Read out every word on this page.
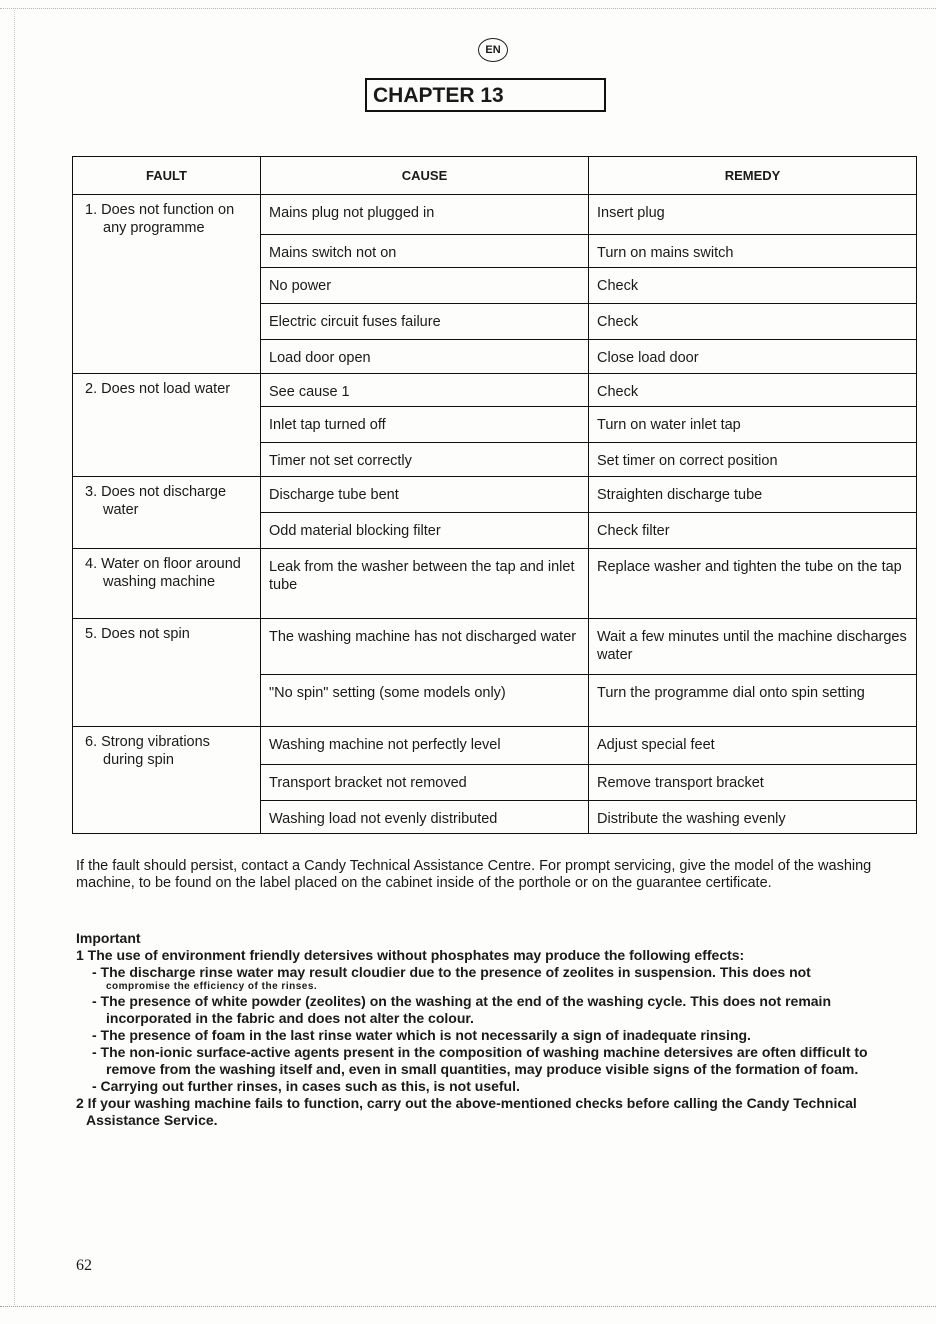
EN
CHAPTER 13
FAULT	CAUSE	REMEDY

1. Does not function on any programme	Mains plug not plugged in	Insert plug
	Mains switch not on	Turn on mains switch
	No power	Check
	Electric circuit fuses failure	Check
	Load door open	Close load door

2. Does not load water	See cause 1	Check
	Inlet tap turned off	Turn on water inlet tap
	Timer not set correctly	Set timer on correct position

3. Does not discharge water	Discharge tube bent	Straighten discharge tube
	Odd material blocking filter	Check filter

4. Water on floor around washing machine	Leak from the washer between the tap and inlet tube	Replace washer and tighten the tube on the tap

5. Does not spin	The washing machine has not discharged water	Wait a few minutes until the machine discharges water
	"No spin" setting (some models only)	Turn the programme dial onto spin setting

6. Strong vibrations during spin	Washing machine not perfectly level	Adjust special feet
	Transport bracket not removed	Remove transport bracket
	Washing load not evenly distributed	Distribute the washing evenly
If the fault should persist, contact a Candy Technical Assistance Centre. For prompt servicing, give the model of the washing machine, to be found on the label placed on the cabinet inside of the porthole or on the guarantee certificate.
Important
1 The use of environment friendly detersives without phosphates may produce the following effects:
- The discharge rinse water may result cloudier due to the presence of zeolites in suspension. This does not
compromise the efficiency of the rinses.
- The presence of white powder (zeolites) on the washing at the end of the washing cycle. This does not remain incorporated in the fabric and does not alter the colour.
- The presence of foam in the last rinse water which is not necessarily a sign of inadequate rinsing.
- The non-ionic surface-active agents present in the composition of washing machine detersives are often difficult to remove from the washing itself and, even in small quantities, may produce visible signs of the formation of foam.
- Carrying out further rinses, in cases such as this, is not useful.
2 If your washing machine fails to function, carry out the above-mentioned checks before calling the Candy Technical Assistance Service.
62
